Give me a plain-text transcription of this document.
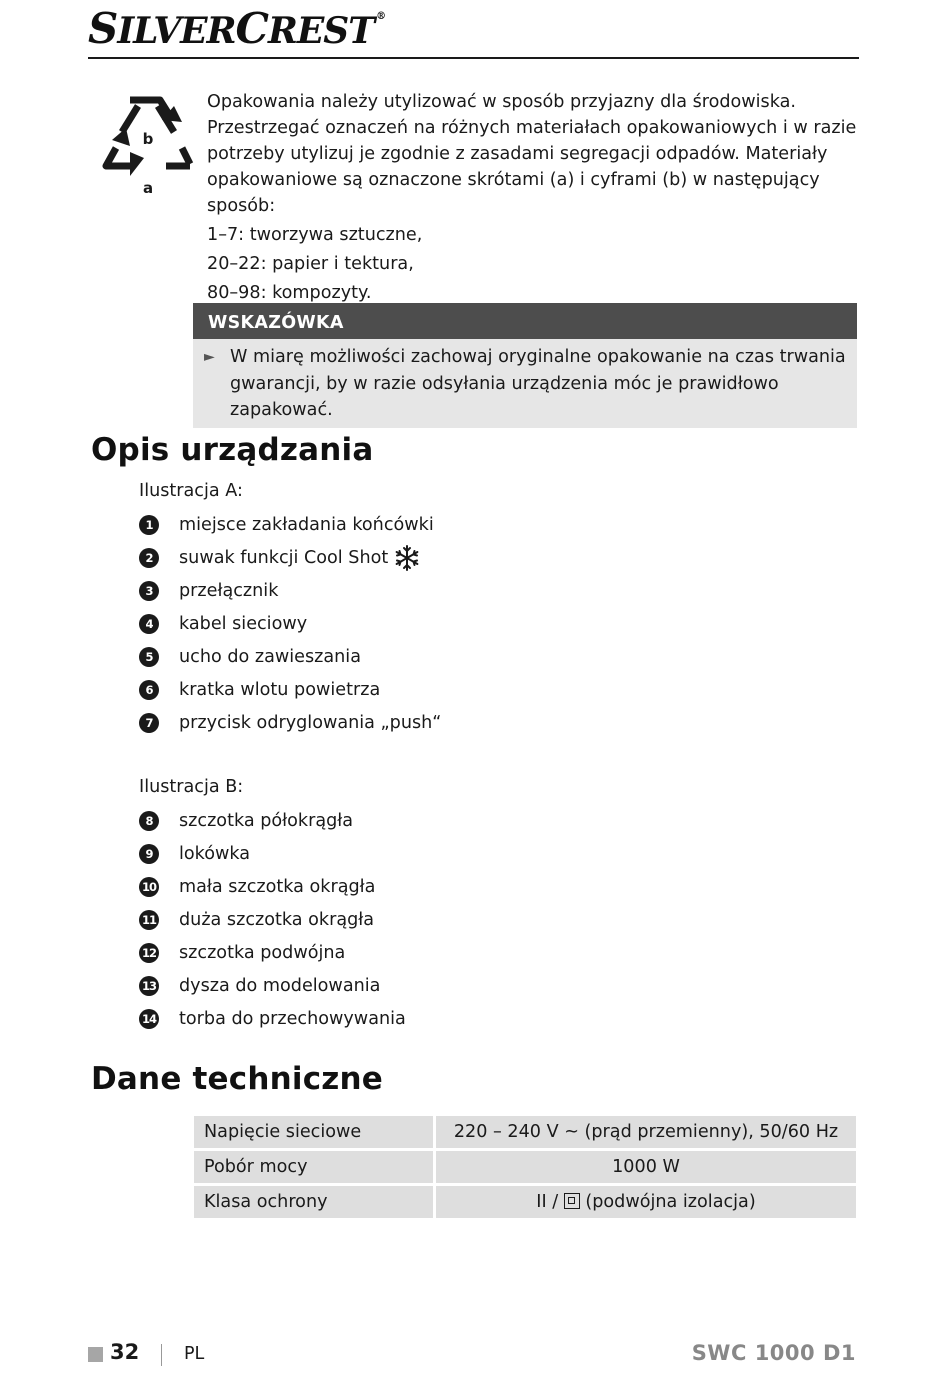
SILVERCREST ®
b
a

Opakowania należy utylizować w sposób przyjazny dla środowiska. Przestrzegać oznaczeń na różnych materiałach opakowaniowych i w razie potrzeby utylizuj je zgodnie z zasadami segregacji odpadów. Materiały opakowaniowe są oznaczone skrótami (a) i cyframi (b) w następujący sposób:

1–7: tworzywa sztuczne,
20–22: papier i tektura,
80–98: kompozyty.
WSKAZÓWKA
► W miarę możliwości zachowaj oryginalne opakowanie na czas trwania gwarancji, by w razie odsyłania urządzenia móc je prawidłowo zapakować.
Opis urządzania
Ilustracja A:
1	miejsce zakładania końcówki
2	suwak funkcji Cool Shot
3	przełącznik
4	kabel sieciowy
5	ucho do zawieszania
6	kratka wlotu powietrza
7	przycisk odryglowania „push“
Ilustracja B:
8	szczotka półokrągła
9	lokówka
10 mała szczotka okrągła
11 duża szczotka okrągła
12 szczotka podwójna
13 dysza do modelowania
14 torba do przechowywania
Dane techniczne
Napięcie sieciowe	220 – 240 V ~ (prąd przemienny), 50/60 Hz
Pobór mocy	1000 W
Klasa ochrony	II /  (podwójna izolacja)
32	PL	SWC 1000 D1
